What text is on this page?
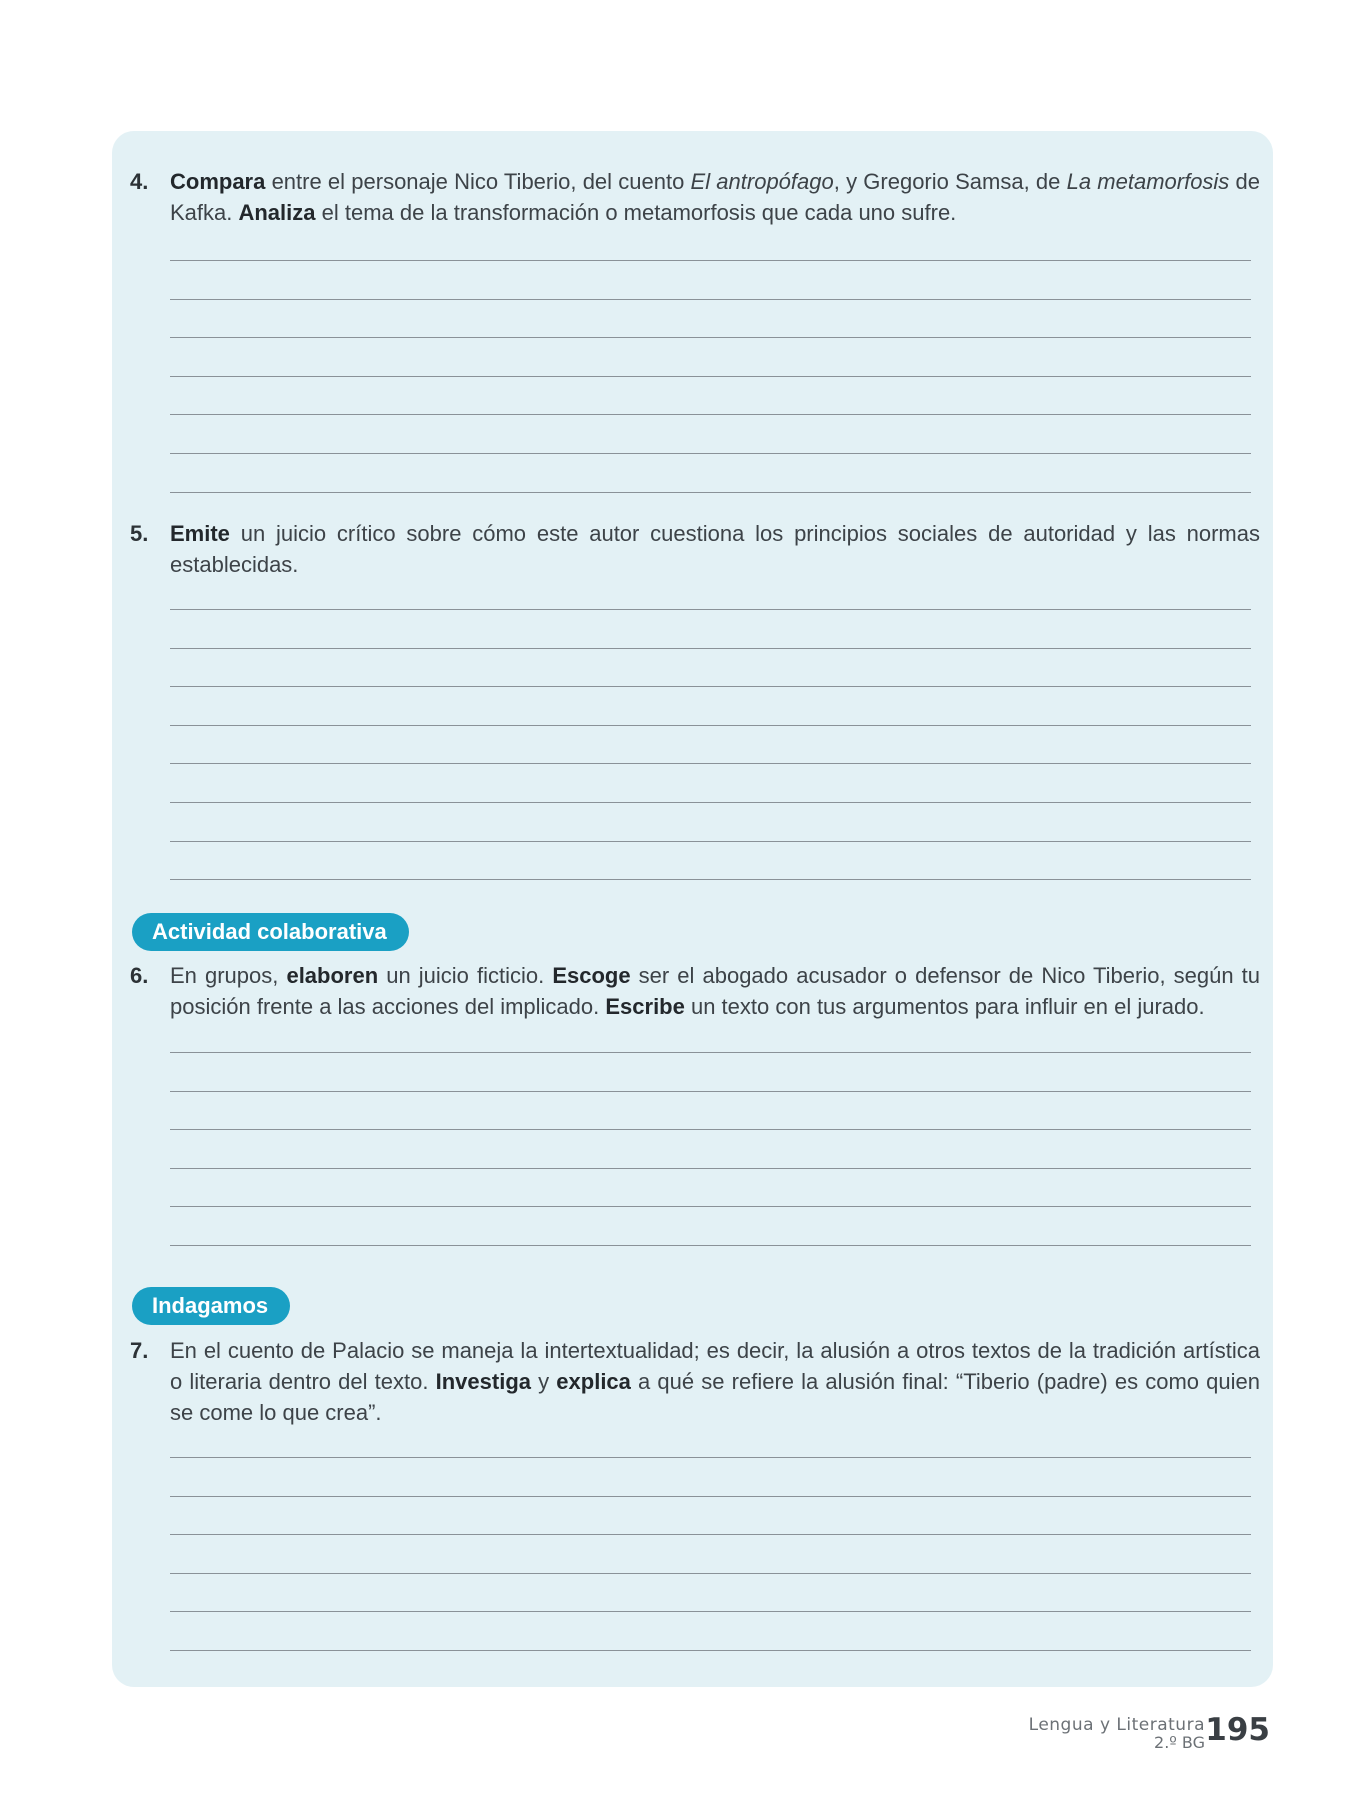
4. Compara entre el personaje Nico Tiberio, del cuento El antropófago, y Gregorio Samsa, de La metamorfosis de Kafka. Analiza el tema de la transformación o metamorfosis que cada uno sufre.
5. Emite un juicio crítico sobre cómo este autor cuestiona los principios sociales de autoridad y las normas establecidas.
Actividad colaborativa
6. En grupos, elaboren un juicio ficticio. Escoge ser el abogado acusador o defensor de Nico Tiberio, según tu posición frente a las acciones del implicado. Escribe un texto con tus argumentos para influir en el jurado.
Indagamos
7. En el cuento de Palacio se maneja la intertextualidad; es decir, la alusión a otros textos de la tradición artística o literaria dentro del texto. Investiga y explica a qué se refiere la alusión final: “Tiberio (padre) es como quien se come lo que crea”.
Lengua y Literatura
2.º BG 195
